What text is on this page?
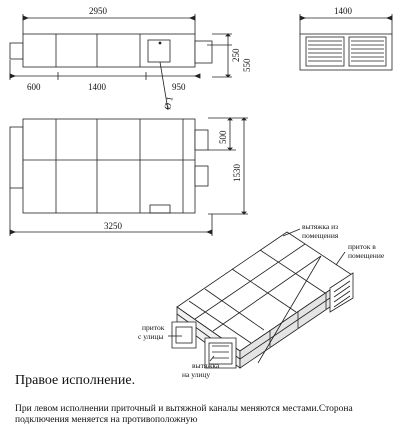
2950
600	1400	950
250
550
Ø 1
1400
500
1530
3250	вытяжка из
помещения
приток в
помещение
приток
с улицы
вытяжка
на улицу
Правое исполнение.

При левом исполнении приточный и вытяжной каналы меняются местами.Сторона подключения меняется на противоположную
